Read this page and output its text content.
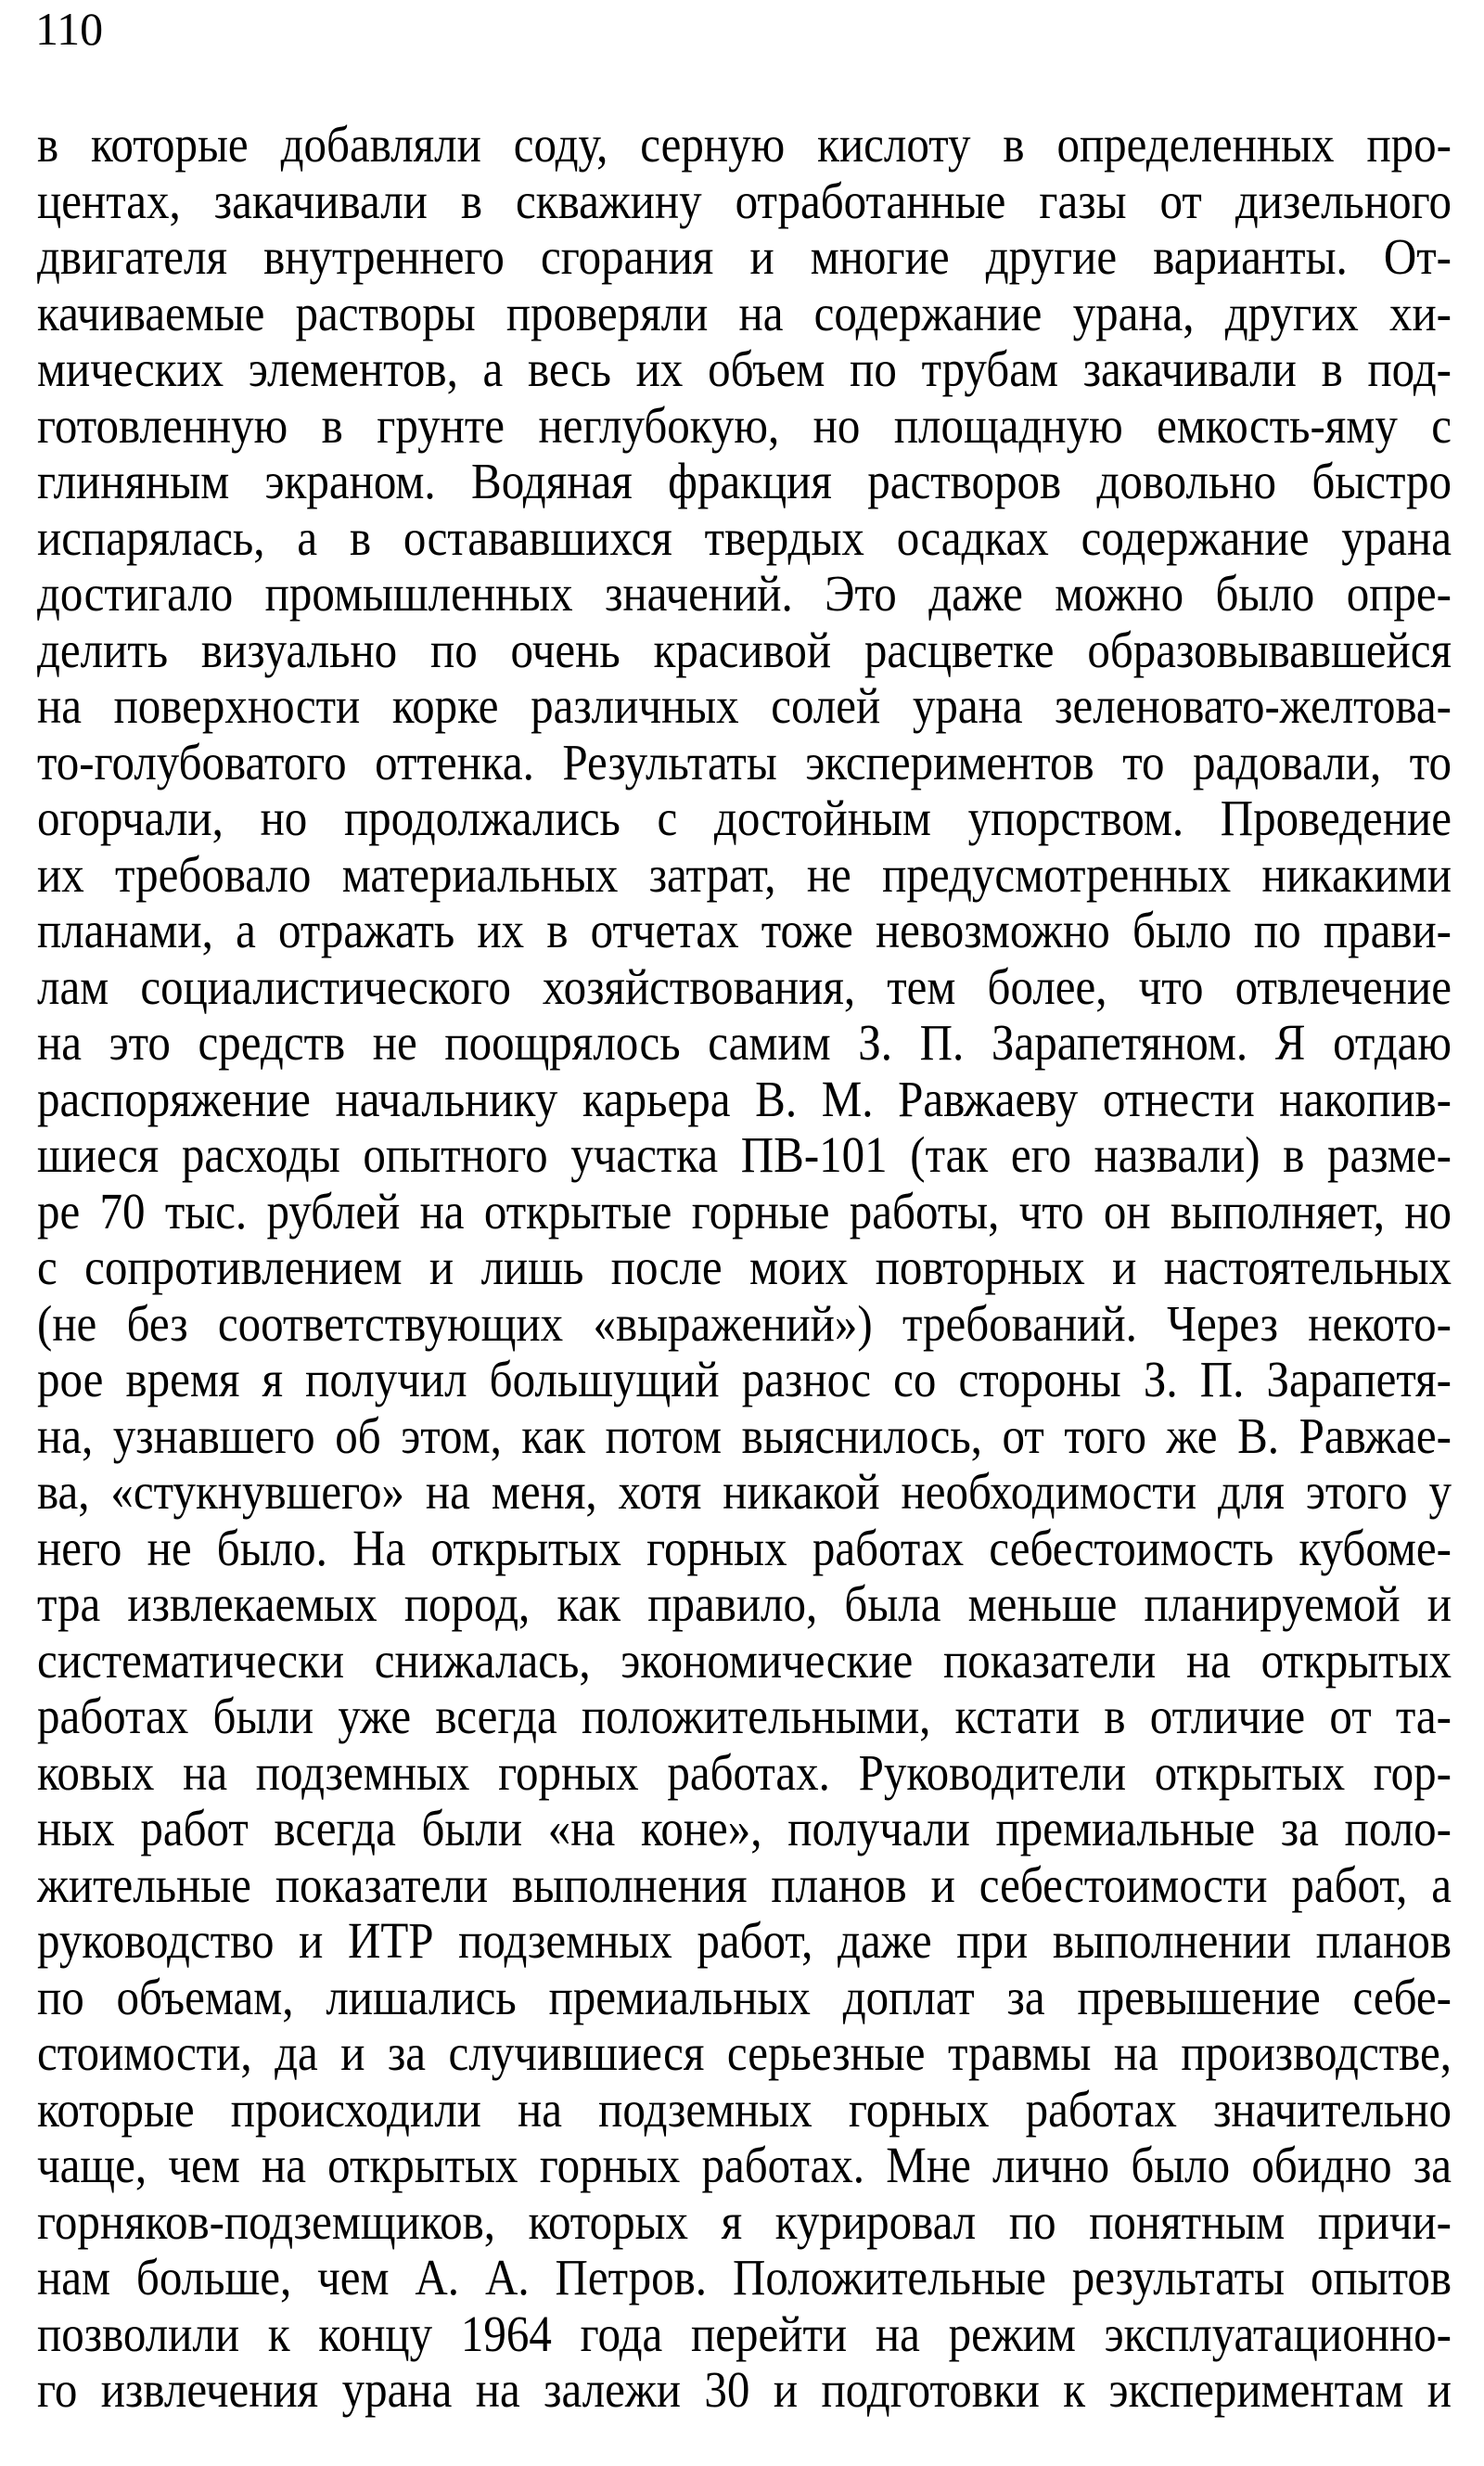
110
в которые добавляли соду, серную кислоту в определенных про-
центах, закачивали в скважину отработанные газы от дизельного
двигателя внутреннего сгорания и многие другие варианты. От-
качиваемые растворы проверяли на содержание урана, других хи-
мических элементов, а весь их объем по трубам закачивали в под-
готовленную в грунте неглубокую, но площадную емкость-яму с
глиняным экраном. Водяная фракция растворов довольно быстро
испарялась, а в остававшихся твердых осадках содержание урана
достигало промышленных значений. Это даже можно было опре-
делить визуально по очень красивой расцветке образовывавшейся
на поверхности корке различных солей урана зеленовато-желтова-
то-голубоватого оттенка. Результаты экспериментов то радовали, то
огорчали, но продолжались с достойным упорством. Проведение
их требовало материальных затрат, не предусмотренных никакими
планами, а отражать их в отчетах тоже невозможно было по прави-
лам социалистического хозяйствования, тем более, что отвлечение
на это средств не поощрялось самим З. П. Зарапетяном. Я отдаю
распоряжение начальнику карьера В. М. Равжаеву отнести накопив-
шиеся расходы опытного участка ПВ-101 (так его назвали) в разме-
ре 70 тыс. рублей на открытые горные работы, что он выполняет, но
с сопротивлением и лишь после моих повторных и настоятельных
(не без соответствующих «выражений») требований. Через некото-
рое время я получил большущий разнос со стороны З. П. Зарапетя-
на, узнавшего об этом, как потом выяснилось, от того же В. Равжае-
ва, «стукнувшего» на меня, хотя никакой необходимости для этого у
него не было. На открытых горных работах себестоимость кубоме-
тра извлекаемых пород, как правило, была меньше планируемой и
систематически снижалась, экономические показатели на открытых
работах были уже всегда положительными, кстати в отличие от та-
ковых на подземных горных работах. Руководители открытых гор-
ных работ всегда были «на коне», получали премиальные за поло-
жительные показатели выполнения планов и себестоимости работ, а
руководство и ИТР подземных работ, даже при выполнении планов
по объемам, лишались премиальных доплат за превышение себе-
стоимости, да и за случившиеся серьезные травмы на производстве,
которые происходили на подземных горных работах значительно
чаще, чем на открытых горных работах. Мне лично было обидно за
горняков-подземщиков, которых я курировал по понятным причи-
нам больше, чем А. А. Петров. Положительные результаты опытов
позволили к концу 1964 года перейти на режим эксплуатационно-
го извлечения урана на залежи 30 и подготовки к экспериментам и
